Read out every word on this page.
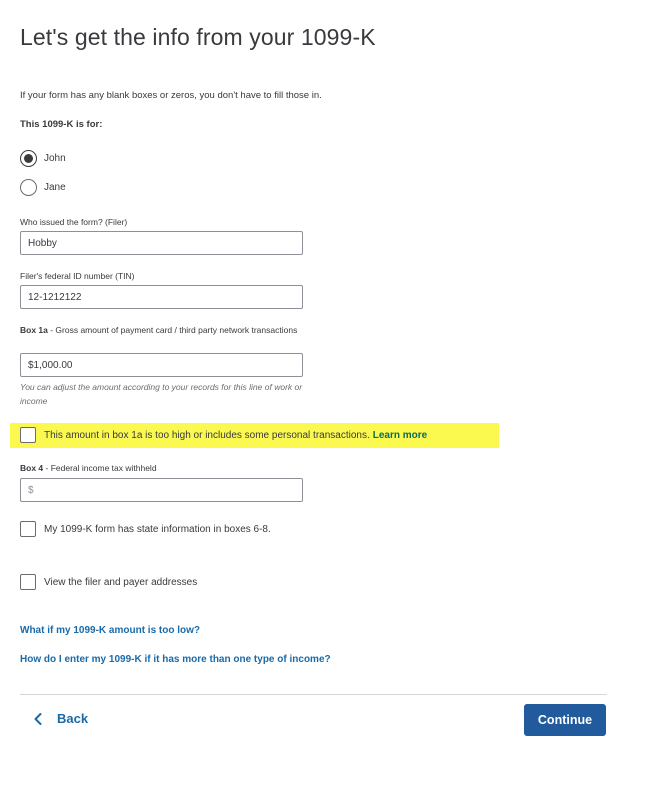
Let's get the info from your 1099-K

If your form has any blank boxes or zeros, you don't have to fill those in.

This 1099-K is for:

John
Jane
Who issued the form? (Filer)
Hobby
Filer's federal ID number (TIN)
12-1212122
Box 1a - Gross amount of payment card / third party network transactions
$1,000.00
You can adjust the amount according to your records for this line of work or income
This amount in box 1a is too high or includes some personal transactions. Learn more
Box 4 - Federal income tax withheld
$
My 1099-K form has state information in boxes 6-8.
View the filer and payer addresses
What if my 1099-K amount is too low?
How do I enter my 1099-K if it has more than one type of income?
Back	Continue
